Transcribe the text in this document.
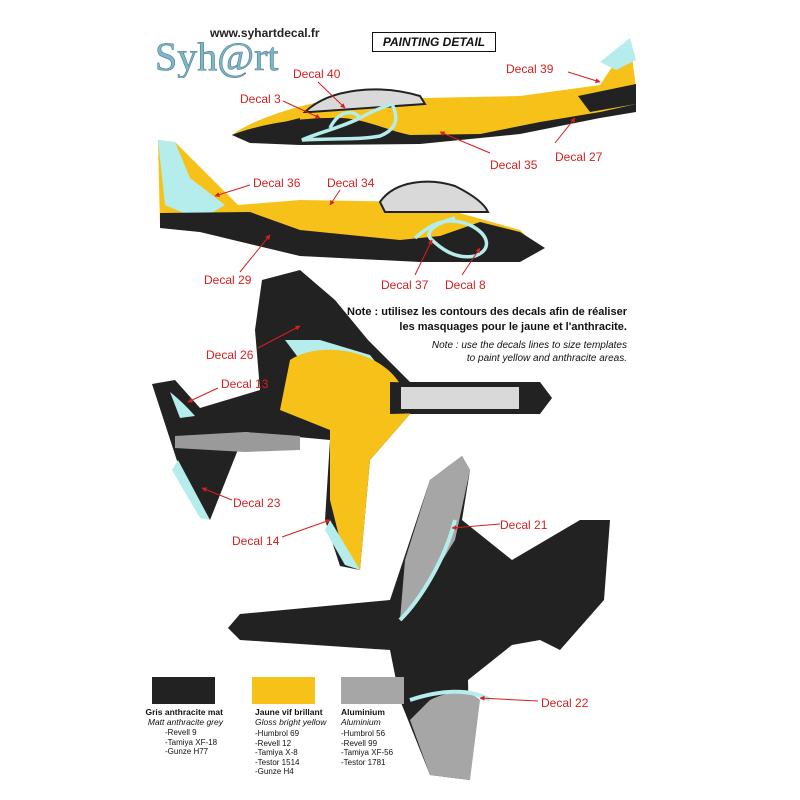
www.syhartdecal.fr
Syh@rt	PAINTING DETAIL
Decal 40	Decal 39
Decal 3
Decal 35
Decal 27
Decal 36 Decal 34
Decal 29	Decal 37 Decal 8
Decal 26
Decal 13
Decal 23
Decal 14
Decal 21
Decal 22
Note : utilisez les contours des decals afin de réaliser
les masquages pour le jaune et l'anthracite.
Note : use the decals lines to size templates
to paint yellow and anthracite areas.
Gris anthracite mat
Matt anthracite grey
-Revell 9
-Tamiya XF-18
-Gunze H77
Jaune vif brillant
Gloss bright yellow
-Humbrol 69
-Revell 12
-Tamiya X-8
-Testor 1514
-Gunze H4
Aluminium
Aluminium
-Humbrol 56
-Revell 99
-Tamiya XF-56
-Testor 1781
